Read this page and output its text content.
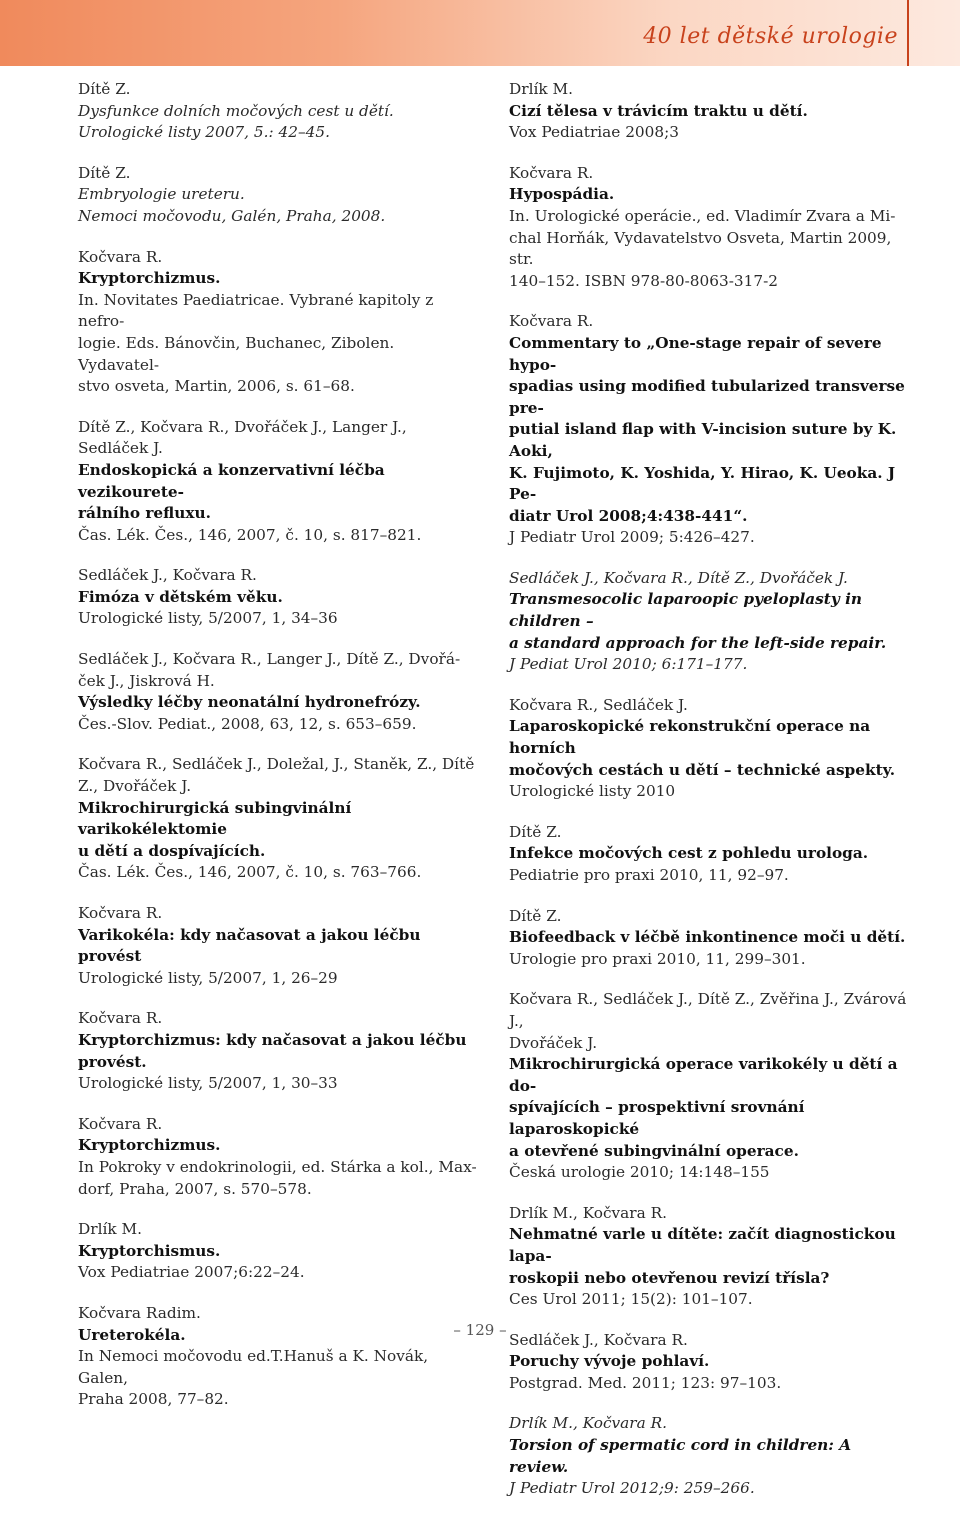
40 let dětské urologie
Dítě Z.
Dysfunkce dolních močových cest u dětí.
Urologické listy 2007, 5.: 42–45.
Dítě Z.
Embryologie ureteru.
Nemoci močovodu, Galén, Praha, 2008.
Kočvara R.
Kryptorchizmus.
In. Novitates Paediatricae. Vybrané kapitoly z nefro-
logie. Eds. Bánovčin, Buchanec, Zibolen. Vydavatel-
stvo osveta, Martin, 2006, s. 61–68.
Dítě Z., Kočvara R., Dvořáček J., Langer J., Sedláček J.
Endoskopická a konzervativní léčba vezikourete-
rálního refluxu.
Čas. Lék. Čes., 146, 2007, č. 10, s. 817–821.
Sedláček J., Kočvara R.
Fimóza v dětském věku.
Urologické listy, 5/2007, 1, 34–36
Sedláček J., Kočvara R., Langer J., Dítě Z., Dvořá-
ček J., Jiskrová H.
Výsledky léčby neonatální hydronefrózy.
Čes.-Slov. Pediat., 2008, 63, 12, s. 653–659.
Kočvara R., Sedláček J., Doležal, J., Staněk, Z., Dítě
Z., Dvořáček J.
Mikrochirurgická subingvinální varikokélektomie
u dětí a dospívajících.
Čas. Lék. Čes., 146, 2007, č. 10, s. 763–766.
Kočvara R.
Varikokéla: kdy načasovat a jakou léčbu provést
Urologické listy, 5/2007, 1, 26–29
Kočvara R.
Kryptorchizmus: kdy načasovat a jakou léčbu provést.
Urologické listy, 5/2007, 1, 30–33
Kočvara R.
Kryptorchizmus.
In Pokroky v endokrinologii, ed. Stárka a kol., Max-
dorf, Praha, 2007, s. 570–578.
Drlík M.
Kryptorchismus.
Vox Pediatriae 2007;6:22–24.
Kočvara Radim.
Ureterokéla.
In Nemoci močovodu ed.T.Hanuš a K. Novák, Galen,
Praha 2008, 77–82.
Drlík M.
Cizí tělesa v trávicím traktu u dětí.
Vox Pediatriae 2008;3
Kočvara R.
Hypospádia.
In. Urologické operácie., ed. Vladimír Zvara a Mi-
chal Horňák, Vydavatelstvo Osveta, Martin 2009, str.
140–152. ISBN 978-80-8063-317-2
Kočvara R.
Commentary to „One-stage repair of severe hypo-
spadias using modified tubularized transverse pre-
putial island flap with V-incision suture by K. Aoki,
K. Fujimoto, K. Yoshida, Y. Hirao, K. Ueoka. J Pe-
diatr Urol 2008;4:438-441“.
J Pediatr Urol 2009; 5:426–427.
Sedláček J., Kočvara R., Dítě Z., Dvořáček J.
Transmesocolic laparoopic pyeloplasty in children –
a standard approach for the left-side repair.
J Pediat Urol 2010; 6:171–177.
Kočvara R., Sedláček J.
Laparoskopické rekonstrukční operace na horních
močových cestách u dětí – technické aspekty.
Urologické listy 2010
Dítě Z.
Infekce močových cest z pohledu urologa.
Pediatrie pro praxi 2010, 11, 92–97.
Dítě Z.
Biofeedback v léčbě inkontinence moči u dětí.
Urologie pro praxi 2010, 11, 299–301.
Kočvara R., Sedláček J., Dítě Z., Zvěřina J., Zvárová J.,
Dvořáček J.
Mikrochirurgická operace varikokély u dětí a do-
spívajících – prospektivní srovnání laparoskopické
a otevřené subingvinální operace.
Česká urologie 2010; 14:148–155
Drlík M., Kočvara R.
Nehmatné varle u dítěte: začít diagnostickou lapa-
roskopii nebo otevřenou revizí třísla?
Ces Urol 2011; 15(2): 101–107.
Sedláček J., Kočvara R.
Poruchy vývoje pohlaví.
Postgrad. Med. 2011; 123: 97–103.
Drlík M., Kočvara R.
Torsion of spermatic cord in children: A review.
J Pediatr Urol 2012;9: 259–266.
– 129 –
